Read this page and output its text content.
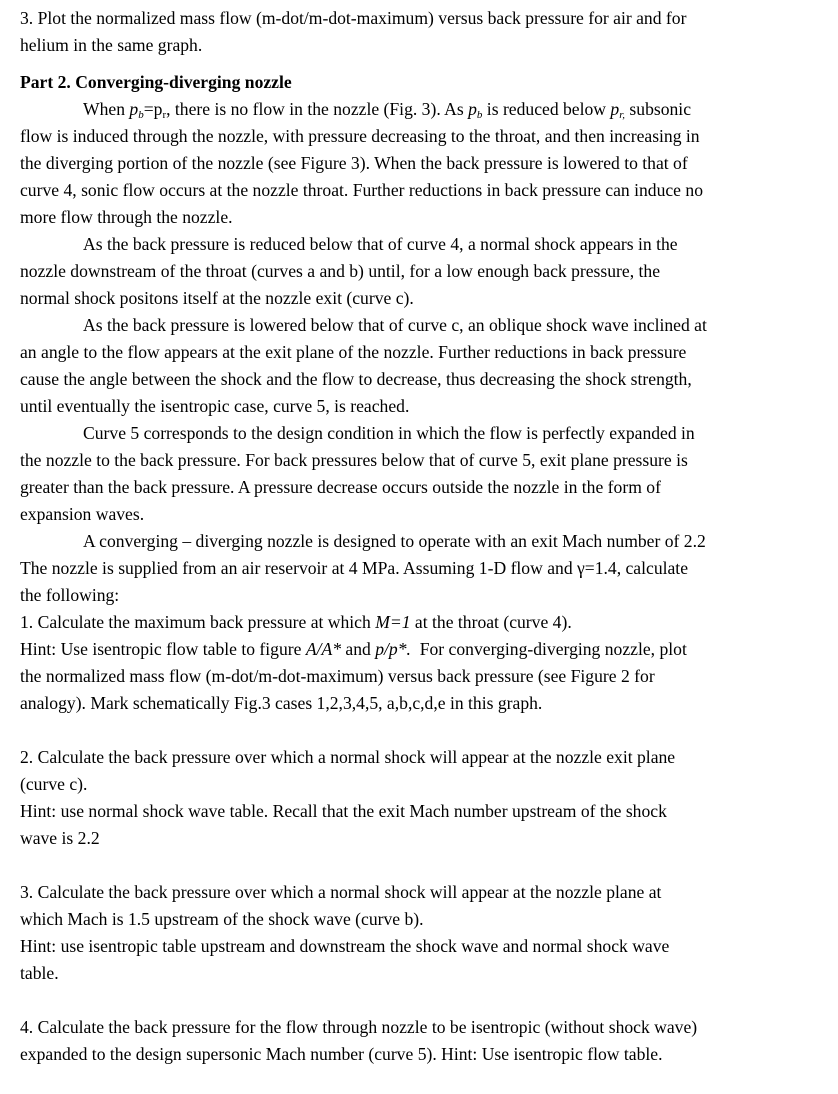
3. Plot the normalized mass flow (m-dot/m-dot-maximum) versus back pressure for air and for
helium in the same graph.
Part 2. Converging-diverging nozzle
When $p_b=p_r$, there is no flow in the nozzle (Fig. 3). As $p_b$ is reduced below $p_{r,}$ subsonic
flow is induced through the nozzle, with pressure decreasing to the throat, and then increasing in
the diverging portion of the nozzle (see Figure 3). When the back pressure is lowered to that of
curve 4, sonic flow occurs at the nozzle throat. Further reductions in back pressure can induce no
more flow through the nozzle.
As the back pressure is reduced below that of curve 4, a normal shock appears in the
nozzle downstream of the throat (curves a and b) until, for a low enough back pressure, the
normal shock positons itself at the nozzle exit (curve c).
As the back pressure is lowered below that of curve c, an oblique shock wave inclined at
an angle to the flow appears at the exit plane of the nozzle. Further reductions in back pressure
cause the angle between the shock and the flow to decrease, thus decreasing the shock strength,
until eventually the isentropic case, curve 5, is reached.
Curve 5 corresponds to the design condition in which the flow is perfectly expanded in
the nozzle to the back pressure. For back pressures below that of curve 5, exit plane pressure is
greater than the back pressure. A pressure decrease occurs outside the nozzle in the form of
expansion waves.
A converging – diverging nozzle is designed to operate with an exit Mach number of 2.2
The nozzle is supplied from an air reservoir at 4 MPa. Assuming 1-D flow and γ=1.4, calculate
the following:
1. Calculate the maximum back pressure at which M=1 at the throat (curve 4).
Hint: Use isentropic flow table to figure A/A* and p/p*.  For converging-diverging nozzle, plot
the normalized mass flow (m-dot/m-dot-maximum) versus back pressure (see Figure 2 for
analogy). Mark schematically Fig.3 cases 1,2,3,4,5, a,b,c,d,e in this graph.
2. Calculate the back pressure over which a normal shock will appear at the nozzle exit plane
(curve c).
Hint: use normal shock wave table. Recall that the exit Mach number upstream of the shock
wave is 2.2
3. Calculate the back pressure over which a normal shock will appear at the nozzle plane at
which Mach is 1.5 upstream of the shock wave (curve b).
Hint: use isentropic table upstream and downstream the shock wave and normal shock wave
table.
4. Calculate the back pressure for the flow through nozzle to be isentropic (without shock wave)
expanded to the design supersonic Mach number (curve 5). Hint: Use isentropic flow table.
